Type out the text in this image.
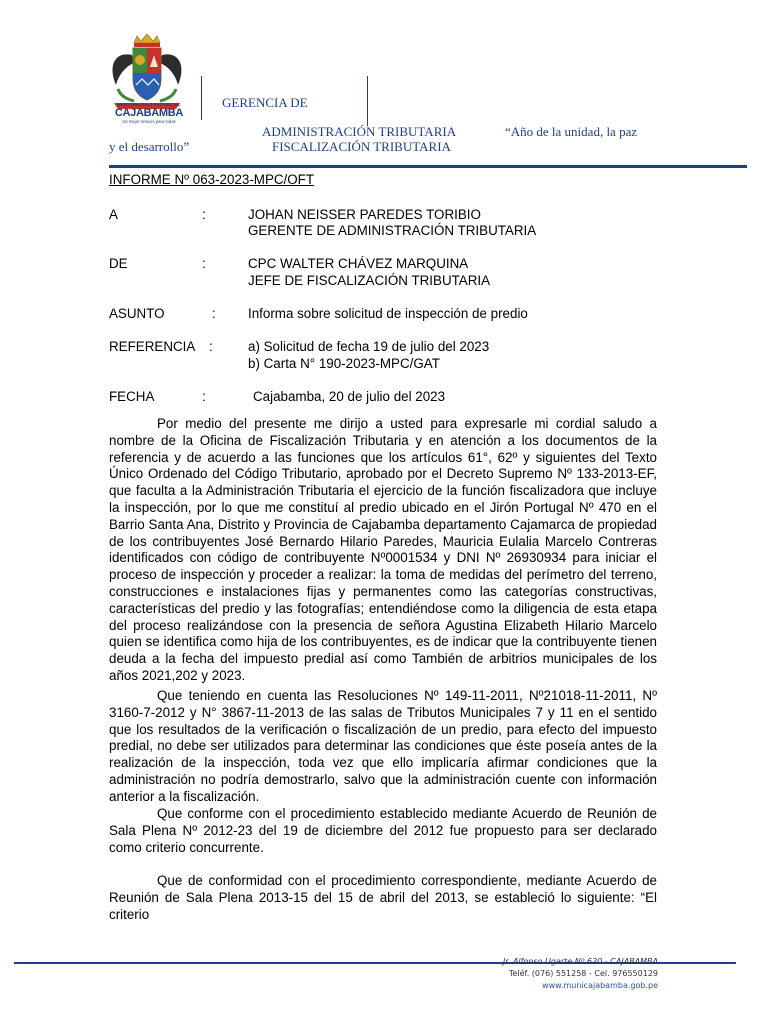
MUNICIPALIDAD PROVINCIAL
CAJABAMBA
Un mejor servicio para todos
GERENCIA DE
ADMINISTRACIÓN TRIBUTARIA	“Año de la unidad, la paz
y el desarrollo”	FISCALIZACIÓN TRIBUTARIA
INFORME Nº 063-2023-MPC/OFT
A	:	JOHAN NEISSER PAREDES TORIBIO
GERENTE DE ADMINISTRACIÓN TRIBUTARIA
DE	:	CPC WALTER CHÁVEZ MARQUINA
JEFE DE FISCALIZACIÓN TRIBUTARIA
ASUNTO	: Informa sobre solicitud de inspección de predio
REFERENCIA :	a) Solicitud de fecha 19 de julio del 2023
b) Carta N° 190-2023-MPC/GAT
FECHA	:	Cajabamba, 20 de julio del 2023
Por medio del presente me dirijo a usted para expresarle mi cordial saludo a nombre de la Oficina de Fiscalización Tributaria y en atención a los documentos de la referencia y de acuerdo a las funciones que los artículos 61°, 62º y siguientes del Texto Único Ordenado del Código Tributario, aprobado por el Decreto Supremo Nº 133-2013-EF, que faculta a la Administración Tributaria el ejercicio de la función fiscalizadora que incluye la inspección, por lo que me constituí al predio ubicado en el Jirón Portugal Nº 470 en el Barrio Santa Ana, Distrito y Provincia de Cajabamba departamento Cajamarca de propiedad de los contribuyentes José Bernardo Hilario Paredes, Mauricia Eulalia Marcelo Contreras identificados con código de contribuyente Nº0001534 y DNI Nº 26930934 para iniciar el proceso de inspección y proceder a realizar: la toma de medidas del perímetro del terreno, construcciones e instalaciones fijas y permanentes como las categorías constructivas, características del predio y las fotografías; entendiéndose como la diligencia de esta etapa del proceso realizándose con la presencia de señora Agustina Elizabeth Hilario Marcelo quien se identifica como hija de los contribuyentes, es de indicar que la contribuyente tienen deuda a la fecha del impuesto predial así como También de arbitrios municipales de los años 2021,202 y 2023.
Que teniendo en cuenta las Resoluciones Nº 149-11-2011, Nº21018-11-2011, Nº 3160-7-2012 y N° 3867-11-2013 de las salas de Tributos Municipales 7 y 11 en el sentido que los resultados de la verificación o fiscalización de un predio, para efecto del impuesto predial, no debe ser utilizados para determinar las condiciones que éste poseía antes de la realización de la inspección, toda vez que ello implicaría afirmar condiciones que la administración no podría demostrarlo, salvo que la administración cuente con información anterior a la fiscalización.
Que conforme con el procedimiento establecido mediante Acuerdo de Reunión de Sala Plena Nº 2012-23 del 19 de diciembre del 2012 fue propuesto para ser declarado como criterio concurrente.
Que de conformidad con el procedimiento correspondiente, mediante Acuerdo de Reunión de Sala Plena 2013-15 del 15 de abril del 2013, se estableció lo siguiente: “El criterio
Jr. Alfonso Ugarte Nº 620 - CAJABAMBA
Teléf. (076) 551258 - Cel. 976550129
www.municajabamba.gob.pe
